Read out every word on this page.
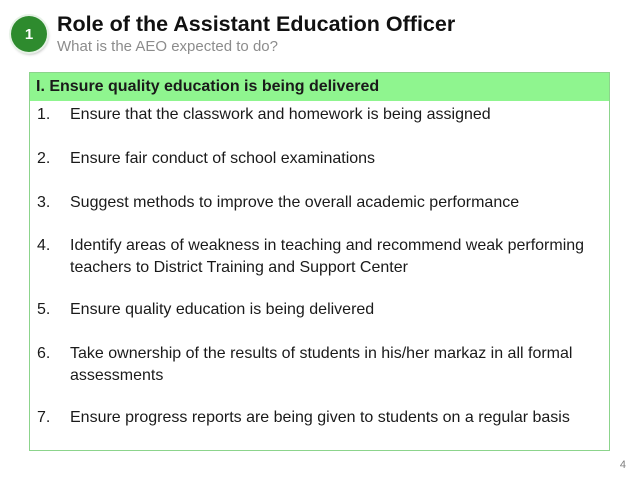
1	Role of the Assistant Education Officer
What is the AEO expected to do?
I. Ensure quality education is being delivered
1.	Ensure that the classwork and homework is being assigned
2.	Ensure fair conduct of school examinations
3.	Suggest methods to improve the overall academic performance
4.	Identify areas of weakness in teaching and recommend weak performing teachers to District Training and Support Center
5.	Ensure quality education is being delivered
6.	Take ownership of the results of students in his/her markaz in all formal assessments
7.	Ensure progress reports are being given to students on a regular basis
4
